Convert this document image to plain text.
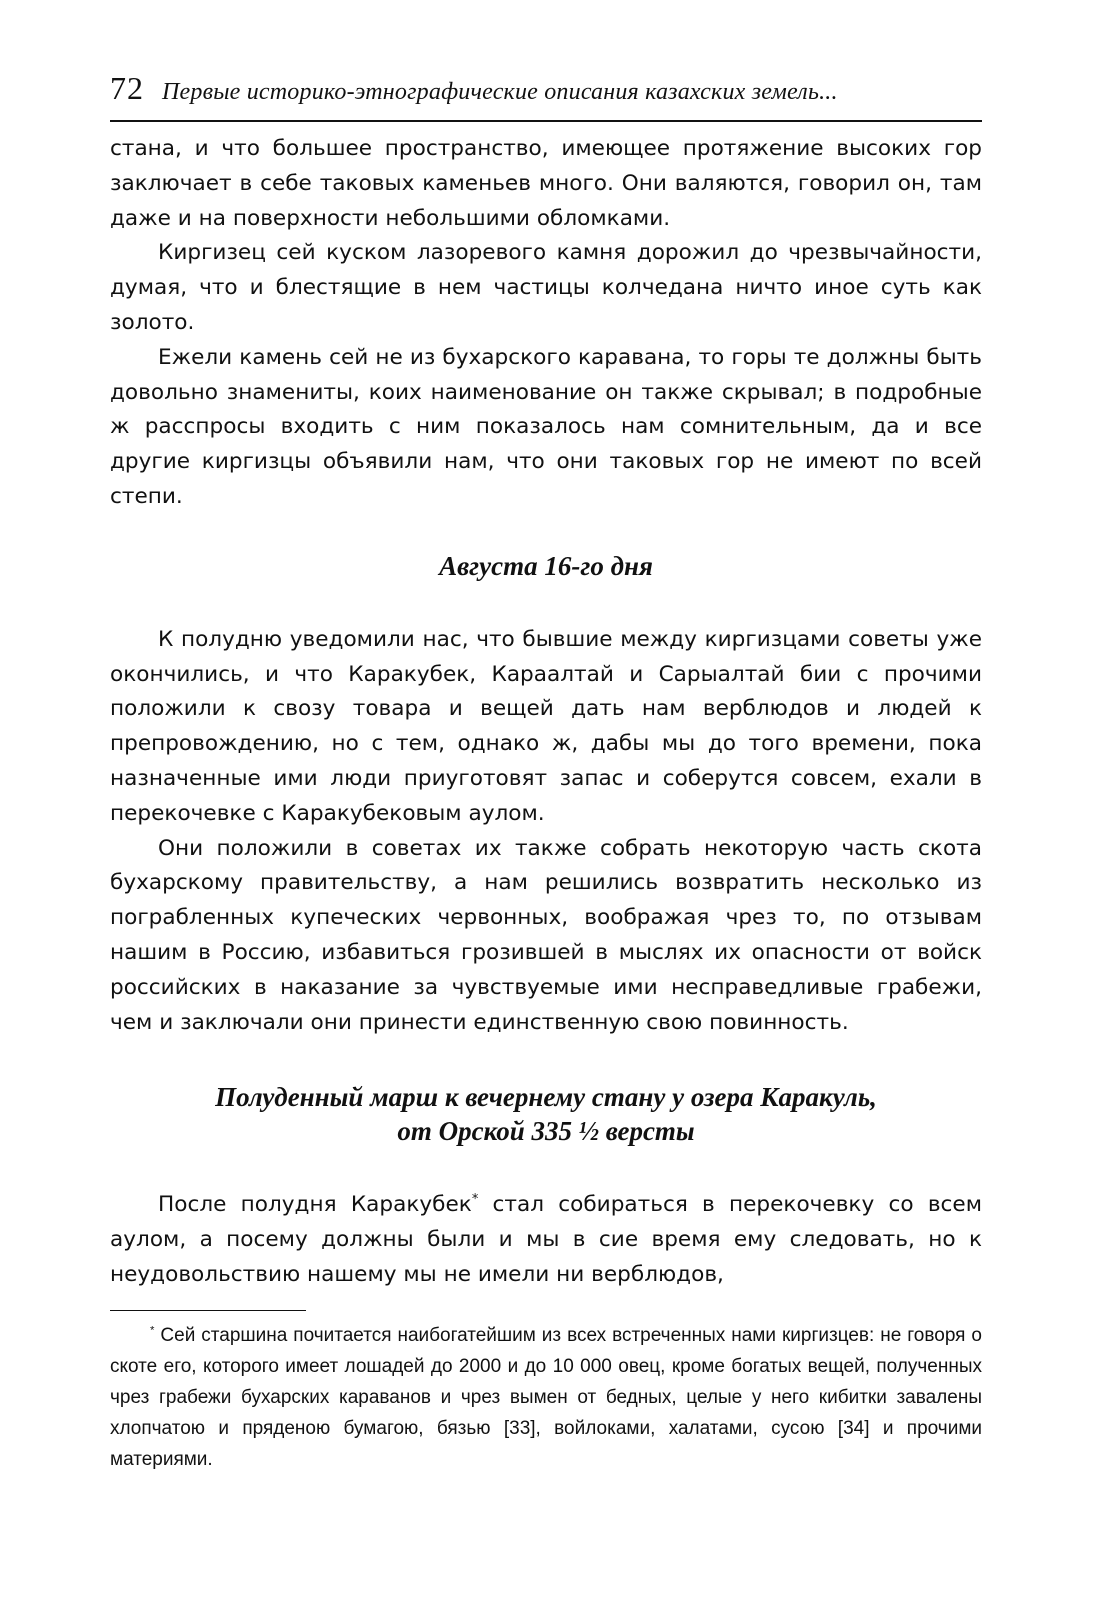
72 Первые историко-этнографические описания казахских земель...

стана, и что большее пространство, имеющее протяжение высоких гор заключает в себе таковых каменьев много. Они валяются, говорил он, там даже и на поверхности небольшими обломками.

Киргизец сей куском лазоревого камня дорожил до чрезвычайности, думая, что и блестящие в нем частицы колчедана ничто иное суть как золото.

Ежели камень сей не из бухарского каравана, то горы те должны быть довольно знамениты, коих наименование он также скрывал; в подробные ж расспросы входить с ним показалось нам сомнительным, да и все другие киргизцы объявили нам, что они таковых гор не имеют по всей степи.

Августа 16-го дня

К полудню уведомили нас, что бывшие между киргизцами советы уже окончились, и что Каракубек, Караалтай и Сарыалтай бии с прочими положили к свозу товара и вещей дать нам верблюдов и людей к препровождению, но с тем, однако ж, дабы мы до того времени, пока назначенные ими люди приуготовят запас и соберутся совсем, ехали в перекочевке с Каракубековым аулом.

Они положили в советах их также собрать некоторую часть скота бухарскому правительству, а нам решились возвратить несколько из пограбленных купеческих червонных, воображая чрез то, по отзывам нашим в Россию, избавиться грозившей в мыслях их опасности от войск российских в наказание за чувствуемые ими несправедливые грабежи, чем и заключали они принести единственную свою повинность.

Полуденный марш к вечернему стану у озера Каракуль,
от Орской 335 ½ версты

После полудня Каракубек* стал собираться в перекочевку со всем аулом, а посему должны были и мы в сие время ему следовать, но к неудовольствию нашему мы не имели ни верблюдов,

* Сей старшина почитается наибогатейшим из всех встреченных нами киргизцев: не говоря о скоте его, которого имеет лошадей до 2000 и до 10 000 овец, кроме богатых вещей, полученных чрез грабежи бухарских караванов и чрез вымен от бедных, целые у него кибитки завалены хлопчатою и пряденою бумагою, бязью [33], войлоками, халатами, сусою [34] и прочими материями.
